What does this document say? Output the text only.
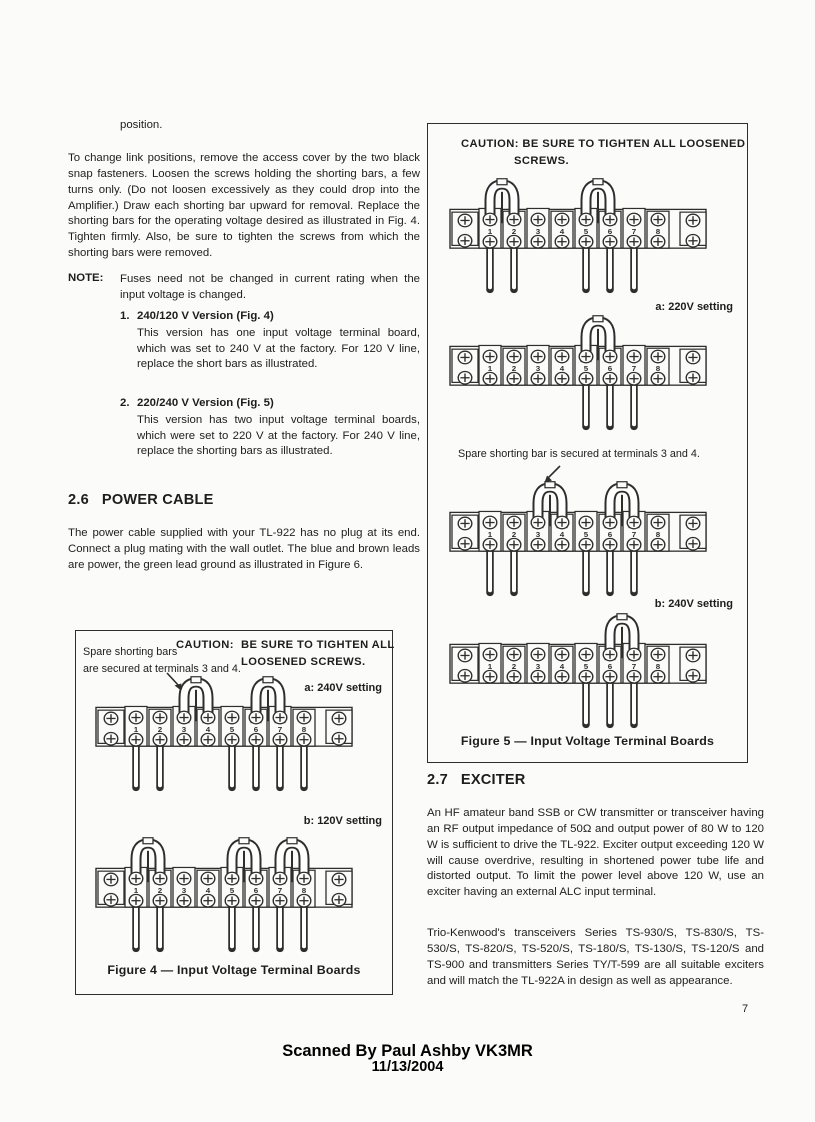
position.

To change link positions, remove the access cover by the two black snap fasteners. Loosen the screws holding the shorting bars, a few turns only. (Do not loosen excessively as they could drop into the Amplifier.) Draw each shorting bar upward for removal. Replace the shorting bars for the operating voltage desired as illustrated in Fig. 4. Tighten firmly. Also, be sure to tighten the screws from which the shorting bars were removed.

NOTE: Fuses need not be changed in current rating when the input voltage is changed.
1. 240/120 V Version (Fig. 4)
This version has one input voltage terminal board, which was set to 240 V at the factory. For 120 V line, replace the short bars as illustrated.
2. 220/240 V Version (Fig. 5)
This version has two input voltage terminal boards, which were set to 220 V at the factory. For 240 V line, replace the shorting bars as illustrated.
2.6 POWER CABLE

The power cable supplied with your TL-922 has no plug at its end. Connect a plug mating with the wall outlet. The blue and brown leads are power, the green lead ground as illustrated in Figure 6.

CAUTION: BE SURE TO TIGHTEN ALL
LOOSENED SCREWS.
Spare shorting bars
are secured at terminals 3 and 4.
a: 240V setting
1 2 3 4 5 6 7 8
b: 120V setting
1 2 3 4 5 6 7 8
Figure 4 — Input Voltage Terminal Boards
CAUTION: BE SURE TO TIGHTEN ALL LOOSENED
SCREWS.
1 2 3 4 5 6 7 8
a: 220V setting
1 2 3 4 5 6 7 8
Spare shorting bar is secured at terminals 3 and 4.
1 2 3 4 5 6 7 8
b: 240V setting
1 2 3 4 5 6 7 8
Figure 5 — Input Voltage Terminal Boards
2.7 EXCITER

An HF amateur band SSB or CW transmitter or transceiver having an RF output impedance of 50Ω and output power of 80 W to 120 W is sufficient to drive the TL-922. Exciter output exceeding 120 W will cause overdrive, resulting in shortened power tube life and distorted output. To limit the power level above 120 W, use an exciter having an external ALC input terminal.

Trio-Kenwood's transceivers Series TS-930/S, TS-830/S, TS-530/S, TS-820/S, TS-520/S, TS-180/S, TS-130/S, TS-120/S and TS-900 and transmitters Series TY/T-599 are all suitable exciters and will match the TL-922A in design as well as appearance.

7
Scanned By Paul Ashby VK3MR
11/13/2004
